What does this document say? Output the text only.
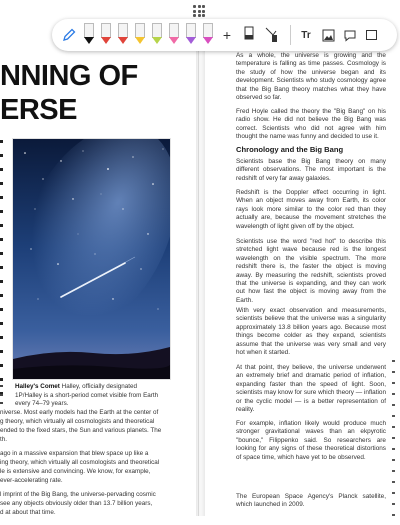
NNING OF
ERSE
Halley's Comet Halley, officially designated
1P/Halley is a short-period comet visible from Earth
every 74–79 years.
niverse. Most early models had the Earth at the center of
g theory, which virtually all cosmologists and theoretical
ended to the fixed stars, the Sun and various planets. The
th.
ago in a massive expansion that blew space up like a
ing theory, which virtually all cosmologists and theoretical
le is extensive and convincing. We know, for example,
ever-accelerating rate.
l imprint of the Big Bang, the universe-pervading cosmic
see any objects obviously older than 13.7 billion years,
d at about that time.
As a whole, the universe is growing and the temperature is falling as time passes. Cosmology is the study of how the universe began and its development. Scientists who study cosmology agree that the Big Bang theory matches what they have observed so far.
Fred Hoyle called the theory the "Big Bang" on his radio show. He did not believe the Big Bang was correct. Scientists who did not agree with him thought the name was funny and decided to use it.
Chronology and the Big Bang
Scientists base the Big Bang theory on many different observations. The most important is the redshift of very far away galaxies.
Redshift is the Doppler effect occurring in light. When an object moves away from Earth, its color rays look more similar to the color red than they actually are, because the movement stretches the wavelength of light given off by the object.
Scientists use the word "red hot" to describe this stretched light wave because red is the longest wavelength on the visible spectrum. The more redshift there is, the faster the object is moving away. By measuring the redshift, scientists proved that the universe is expanding, and they can work out how fast the object is moving away from the Earth.
With very exact observation and measurements, scientists believe that the universe was a singularity approximately 13.8 billion years ago. Because most things become colder as they expand, scientists assume that the universe was very small and very hot when it started.
At that point, they believe, the universe underwent an extremely brief and dramatic period of inflation, expanding faster than the speed of light. Soon, scientists may know for sure which theory — inflation or the cyclic model — is a better representation of reality.
For example, inflation likely would produce much stronger gravitational waves than an ekpyrotic "bounce," Filippenko said. So researchers are looking for any signs of these theoretical distortions of space time, which have yet to be observed.
The European Space Agency's Planck satellite, which launched in 2009.
+	Tr
